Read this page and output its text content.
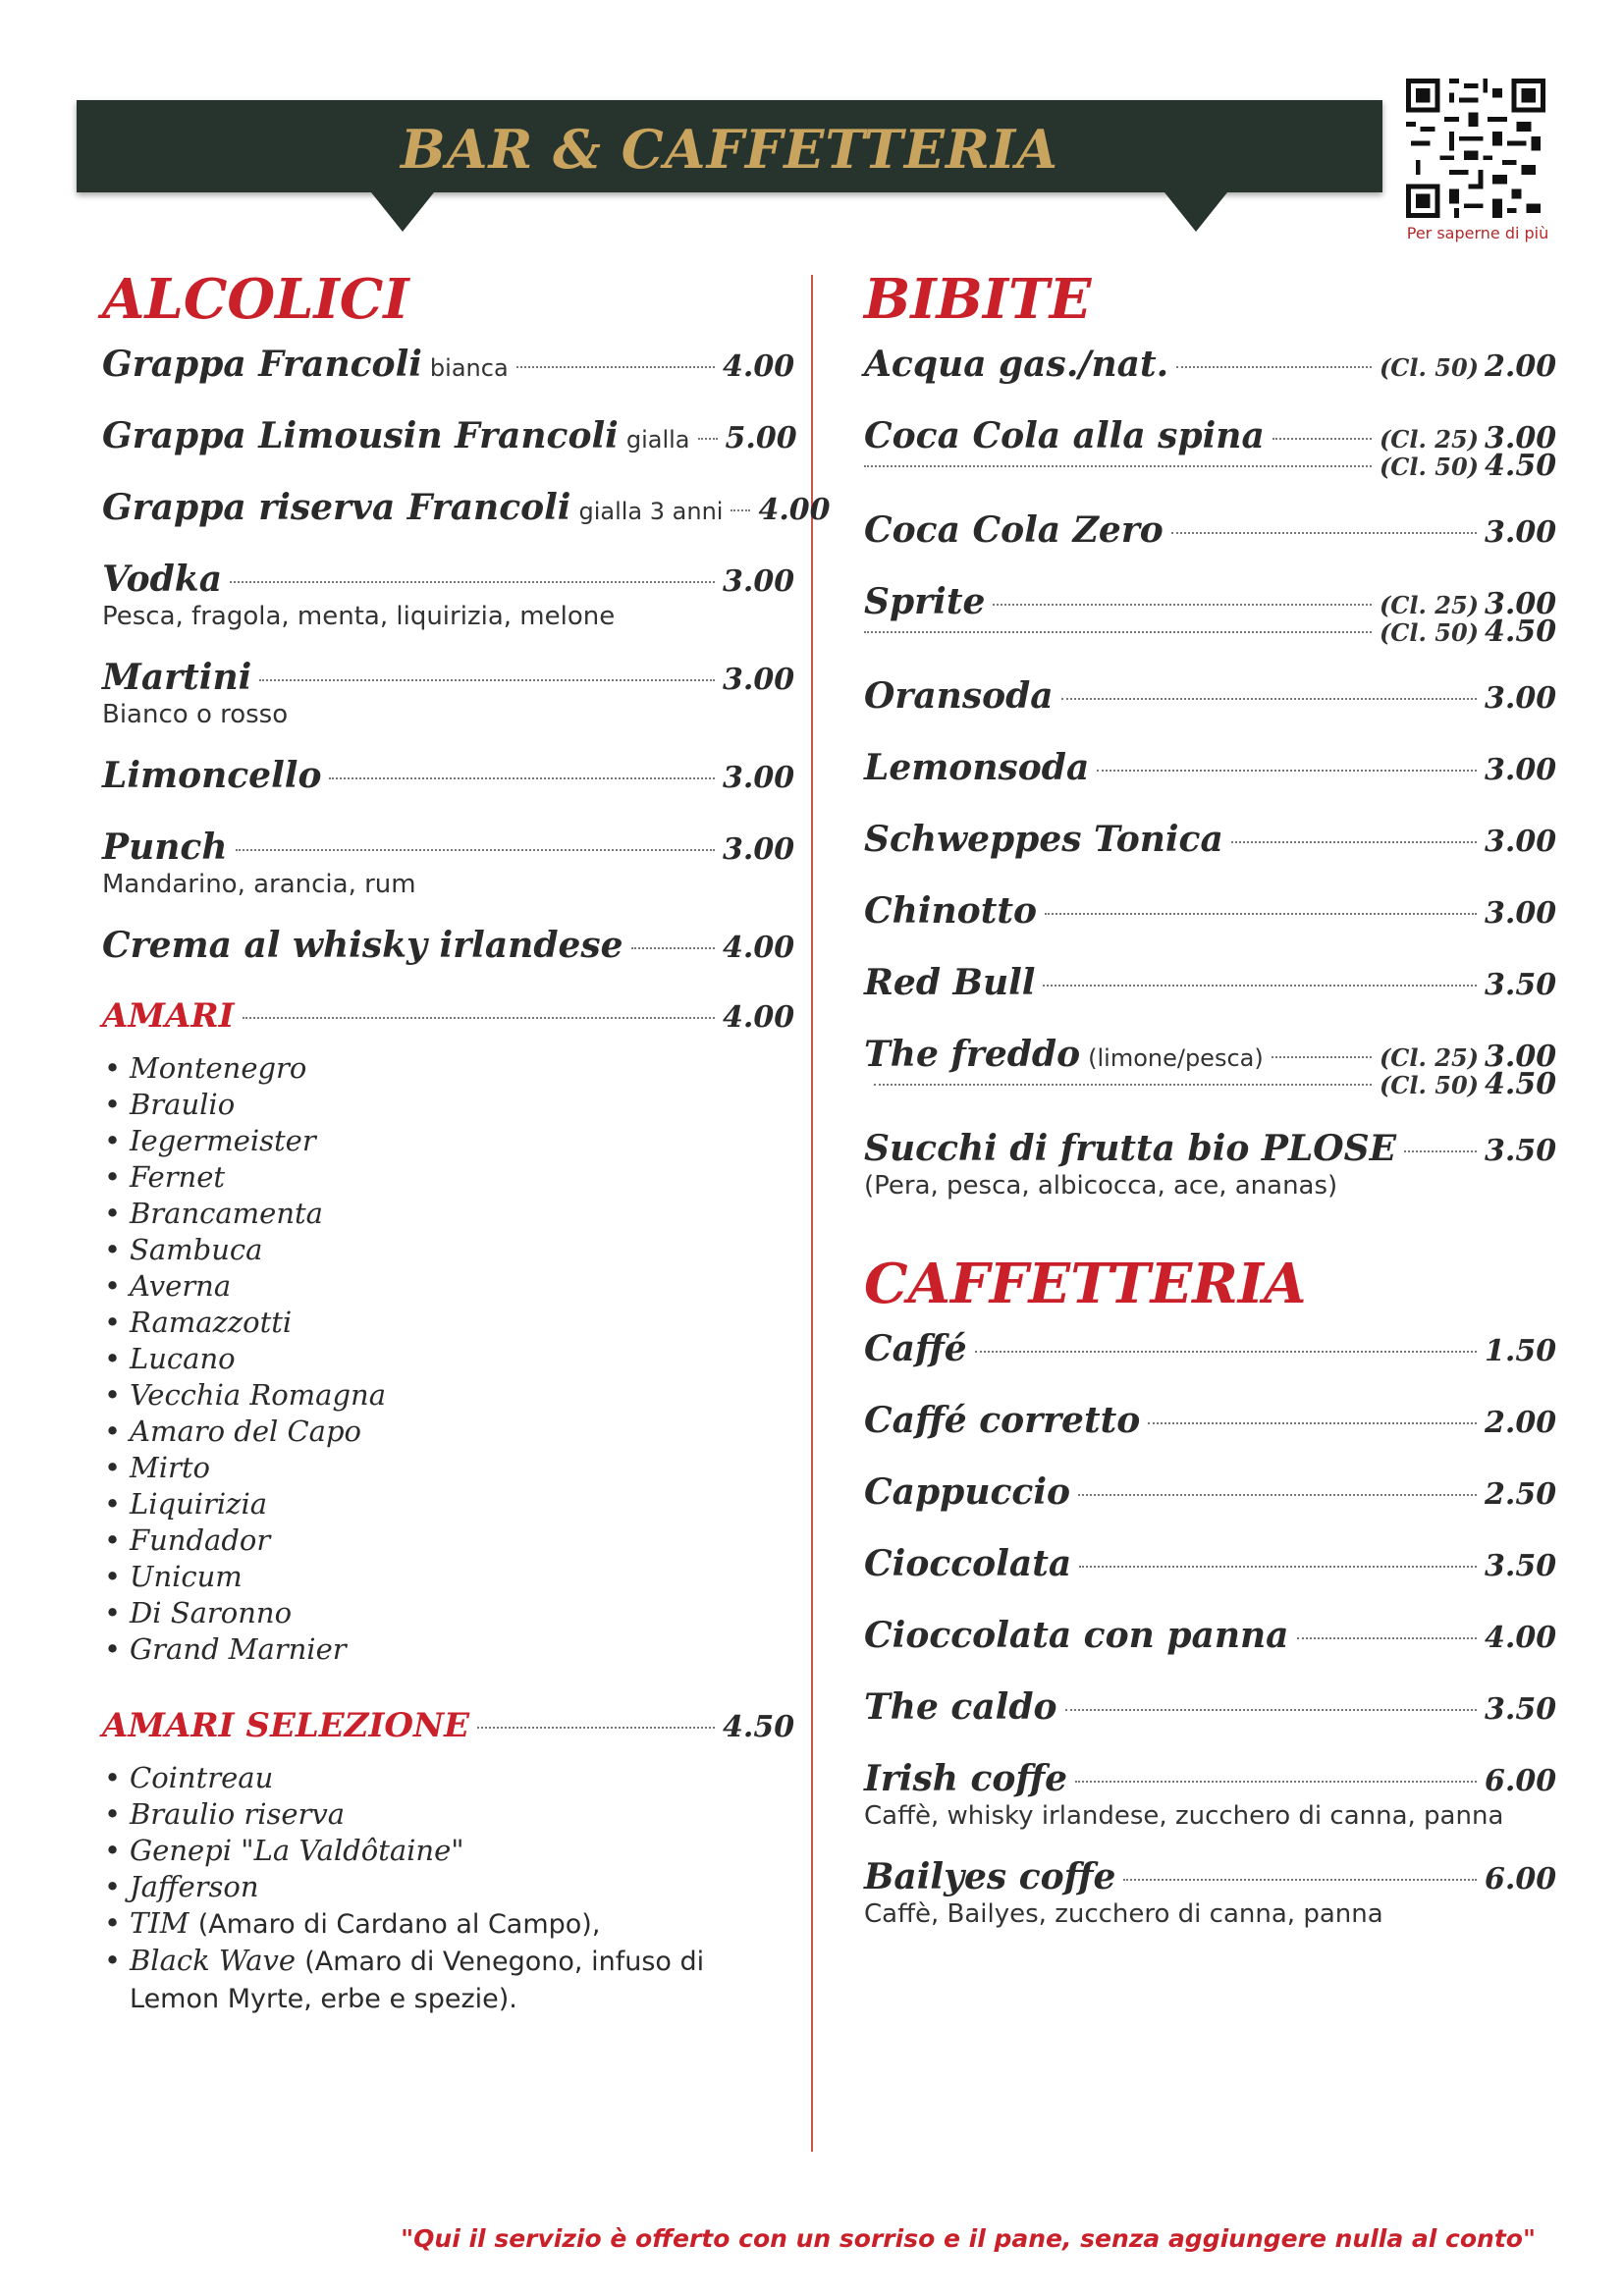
BAR & CAFFETTERIA
Per saperne di più
ALCOLICI
Grappa Francoli bianca	4.00
Grappa Limousin Francoli gialla 5.00
Grappa riserva Francoli gialla 3 anni 4.00
Vodka	3.00
Pesca, fragola, menta, liquirizia, melone
Martini	3.00
Bianco o rosso
Limoncello	3.00
Punch	3.00
Mandarino, arancia, rum
Crema al whisky irlandese	4.00
AMARI	4.00
• Montenegro
• Braulio
• Iegermeister
• Fernet
• Brancamenta
• Sambuca
• Averna
• Ramazzotti
• Lucano
• Vecchia Romagna
• Amaro del Capo
• Mirto
• Liquirizia
• Fundador
• Unicum
• Di Saronno
• Grand Marnier
AMARI SELEZIONE	4.50
• Cointreau
• Braulio riserva
• Genepi "La Valdôtaine"
• Jafferson
• TIM (Amaro di Cardano al Campo),
• Black Wave (Amaro di Venegono, infuso di Lemon Myrte, erbe e spezie).
BIBITE
Acqua gas./nat.	(Cl. 50) 2.00
Coca Cola alla spina	(Cl. 25) 3.00
(Cl. 50) 4.50
Coca Cola Zero	3.00
Sprite	(Cl. 25) 3.00
(Cl. 50) 4.50
Oransoda	3.00
Lemonsoda	3.00
Schweppes Tonica	3.00
Chinotto	3.00
Red Bull	3.50
The freddo (limone/pesca)	(Cl. 25) 3.00
(Cl. 50) 4.50
Succhi di frutta bio PLOSE	3.50
(Pera, pesca, albicocca, ace, ananas)
CAFFETTERIA
Caffé	1.50
Caffé corretto	2.00
Cappuccio	2.50
Cioccolata	3.50
Cioccolata con panna	4.00
The caldo	3.50
Irish coffe	6.00
Caffè, whisky irlandese, zucchero di canna, panna
Bailyes coffe	6.00
Caffè, Bailyes, zucchero di canna, panna
"Qui il servizio è offerto con un sorriso e il pane, senza aggiungere nulla al conto"
